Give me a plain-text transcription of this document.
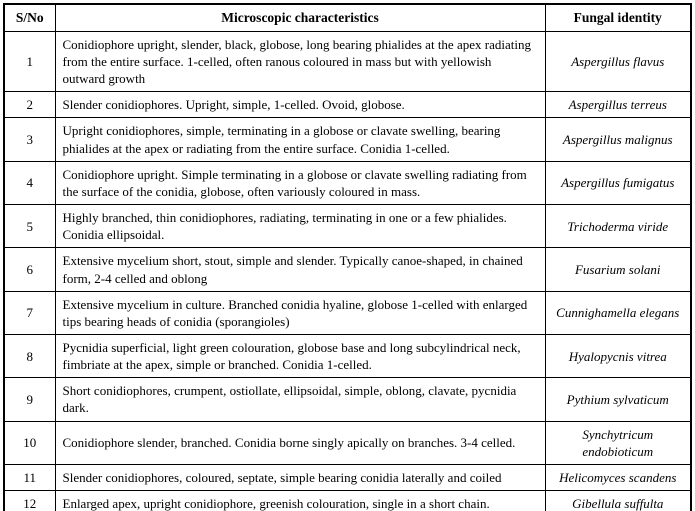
S/No	Microscopic characteristics	Fungal identity
1	Conidiophore upright, slender, black, globose, long bearing phialides at the apex radiating from the entire surface. 1-celled, often ranous coloured in mass but with yellowish outward growth	Aspergillus flavus
2	Slender conidiophores. Upright, simple, 1-celled. Ovoid, globose.	Aspergillus terreus
3	Upright conidiophores, simple, terminating in a globose or clavate swelling, bearing phialides at the apex or radiating from the entire surface. Conidia 1-celled.	Aspergillus malignus
4	Conidiophore upright. Simple terminating in a globose or clavate swelling radiating from the surface of the conidia, globose, often variously coloured in mass.	Aspergillus fumigatus
5	Highly branched, thin conidiophores, radiating, terminating in one or a few phialides. Conidia ellipsoidal.	Trichoderma viride
6	Extensive mycelium short, stout, simple and slender. Typically canoe-shaped, in chained form, 2-4 celled and oblong	Fusarium solani
7	Extensive mycelium in culture. Branched conidia hyaline, globose 1-celled with enlarged tips bearing heads of conidia (sporangioles)	Cunnighamella elegans
8	Pycnidia superficial, light green colouration, globose base and long subcylindrical neck, fimbriate at the apex, simple or branched. Conidia 1-celled.	Hyalopycnis vitrea
9	Short conidiophores, crumpent, ostiollate, ellipsoidal, simple, oblong, clavate, pycnidia dark.	Pythium sylvaticum
10	Conidiophore slender, branched. Conidia borne singly apically on branches. 3-4 celled.	Synchytricum endobioticum
11	Slender conidiophores, coloured, septate, simple bearing conidia laterally and coiled	Helicomyces scandens
12	Enlarged apex, upright conidiophore, greenish colouration, single in a short chain.	Gibellula suffulta
